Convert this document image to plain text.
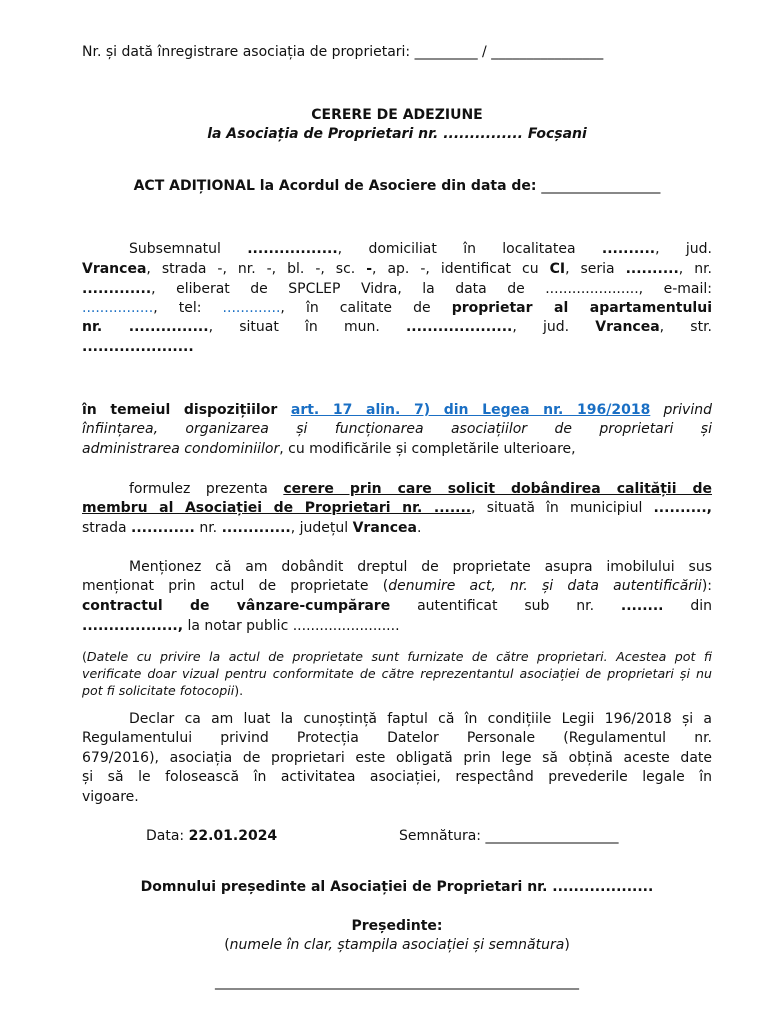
Nr. și dată înregistrare asociația de proprietari: _________ / ________________
CERERE DE ADEZIUNE
la Asociația de Proprietari nr. ............... Focșani
ACT ADIȚIONAL la Acordul de Asociere din data de: _________________
Subsemnatul ................., domiciliat în localitatea .........., jud.
Vrancea, strada -, nr. -, bl. -, sc. -, ap. -, identificat cu CI, seria .........., nr.
............., eliberat de SPCLEP Vidra, la data de ....................., e-mail:
................, tel: ............., în calitate de proprietar al apartamentului
nr. ..............., situat în mun. ...................., jud. Vrancea, str.
.....................
în temeiul dispozițiilor art. 17 alin. 7) din Legea nr. 196/2018 privind
înființarea, organizarea și funcționarea asociațiilor de proprietari și
administrarea condominiilor, cu modificările și completările ulterioare,
formulez prezenta cerere prin care solicit dobândirea calității de
membru al Asociației de Proprietari nr. ......., situată în municipiul ..........,
strada ............ nr. ............., județul Vrancea.
Menționez că am dobândit dreptul de proprietate asupra imobilului sus
menționat prin actul de proprietate (denumire act, nr. și data autentificării):
contractul de vânzare-cumpărare autentificat sub nr. ........ din
.................., la notar public ........................
(Datele cu privire la actul de proprietate sunt furnizate de către proprietari. Acestea pot fi
verificate doar vizual pentru conformitate de către reprezentantul asociației de proprietari și nu
pot fi solicitate fotocopii).
Declar ca am luat la cunoștință faptul că în condițiile Legii 196/2018 și a
Regulamentului privind Protecția Datelor Personale (Regulamentul nr.
679/2016), asociația de proprietari este obligată prin lege să obțină aceste date
și să le folosească în activitatea asociației, respectând prevederile legale în
vigoare.
Data: 22.01.2024	Semnătura: ___________________
Domnului președinte al Asociației de Proprietari nr. ...................
Președinte:
(numele în clar, ștampila asociației și semnătura)
____________________________________________________
